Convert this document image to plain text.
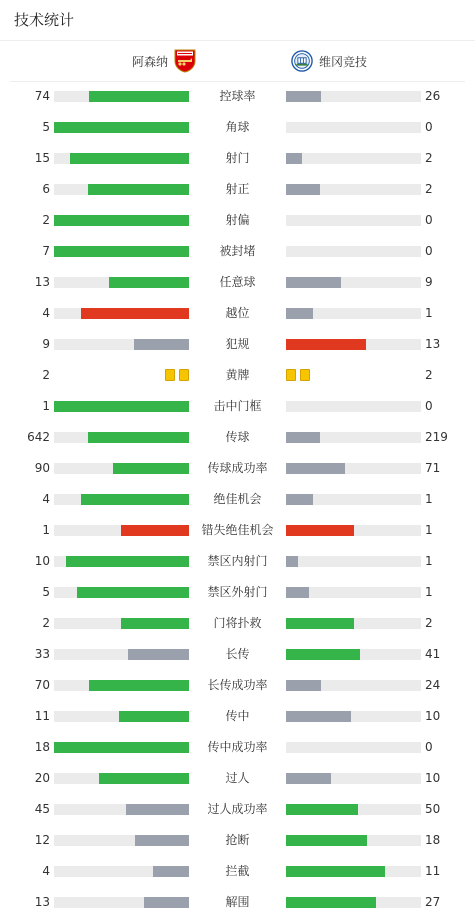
技术统计
阿森纳	维冈竞技
74	控球率	26
5	角球	0
15	射门	2
6	射正	2
2	射偏	0
7	被封堵	0
13	任意球	9
4	越位	1
9	犯规	13
2	黄牌	2
1	击中门框	0
642	传球	219
90	传球成功率	71
4	绝佳机会	1
1	错失绝佳机会	1
10	禁区内射门	1
5	禁区外射门	1
2	门将扑救	2
33	长传	41
70	长传成功率	24
11	传中	10
18	传中成功率	0
20	过人	10
45	过人成功率	50
12	抢断	18
4	拦截	11
13	解围	27
